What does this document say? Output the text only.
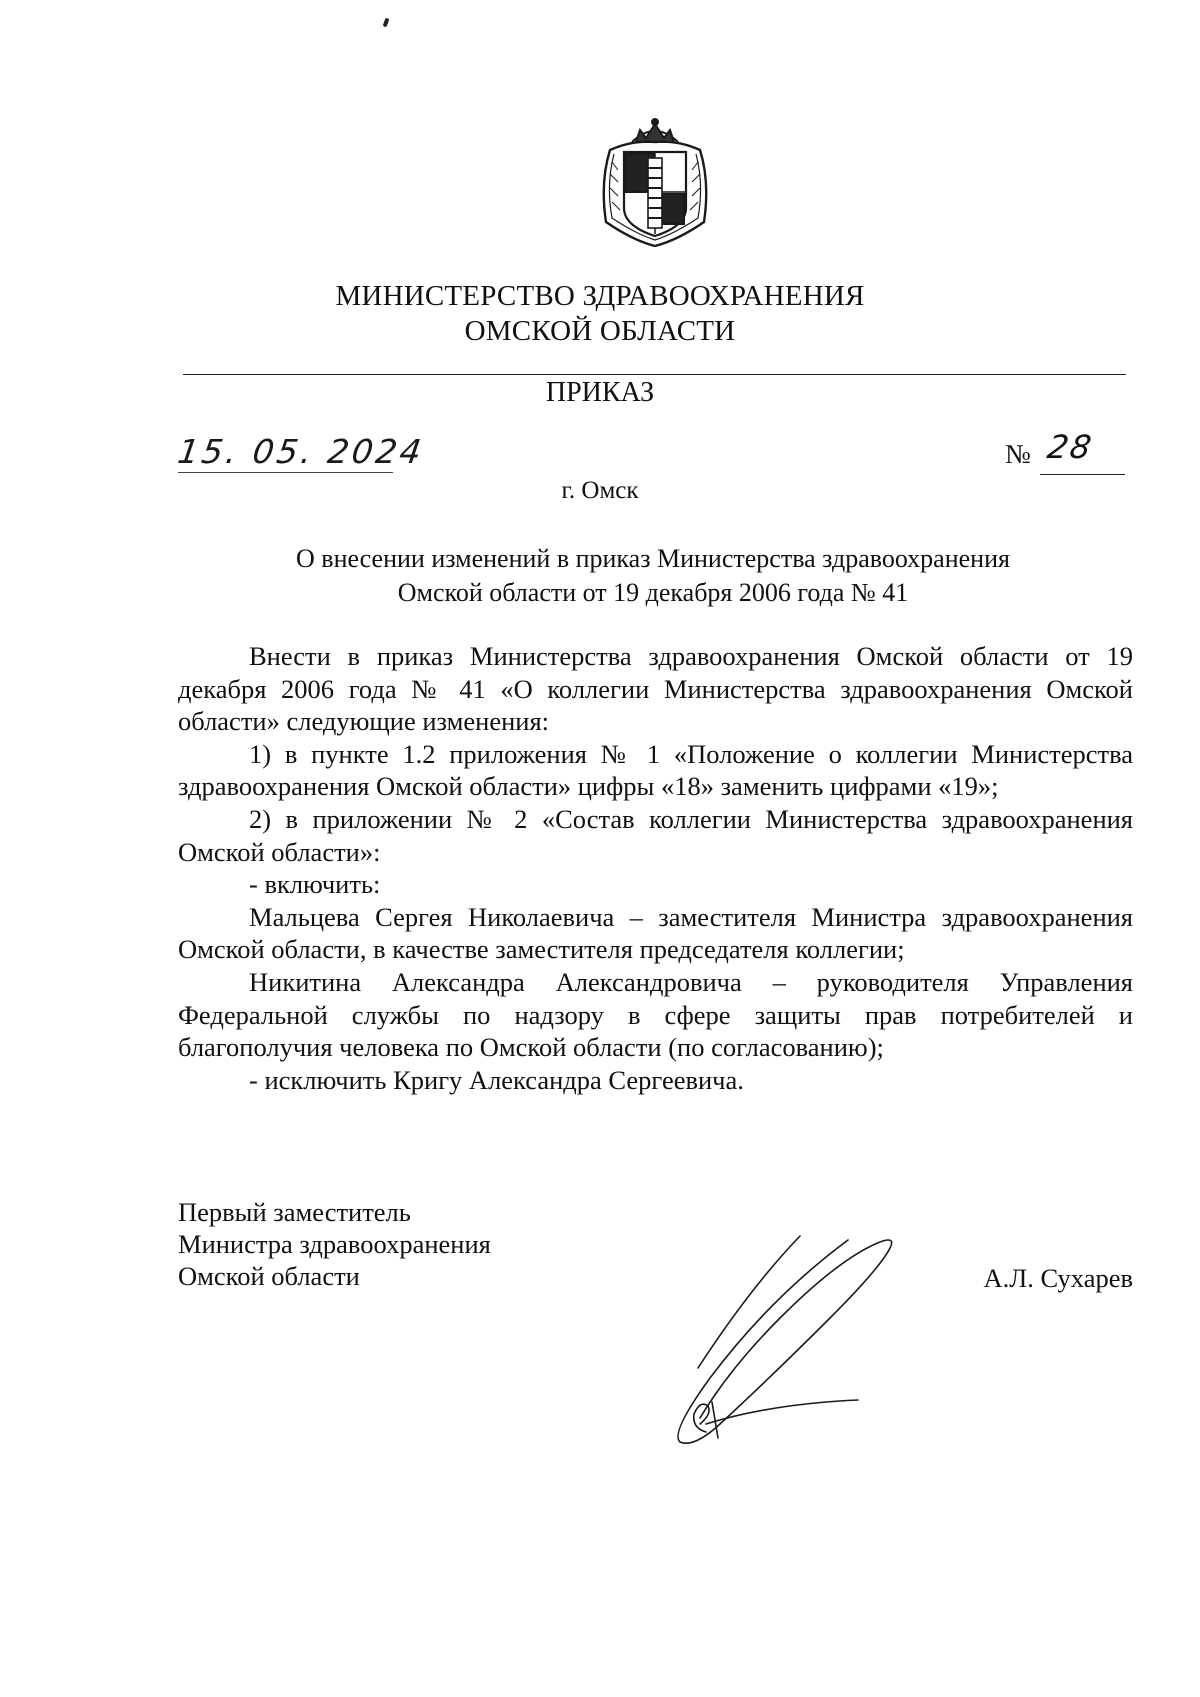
МИНИСТЕРСТВО ЗДРАВООХРАНЕНИЯ
ОМСКОЙ ОБЛАСТИ
ПРИКАЗ
15. 05. 2024	№ 28
г. Омск
О внесении изменений в приказ Министерства здравоохранения
Омской области от 19 декабря 2006 года № 41

Внести в приказ Министерства здравоохранения Омской области от 19 декабря 2006 года № 41 «О коллегии Министерства здравоохранения Омской области» следующие изменения:

1) в пункте 1.2 приложения № 1 «Положение о коллегии Министерства здравоохранения Омской области» цифры «18» заменить цифрами «19»;

2) в приложении № 2 «Состав коллегии Министерства здравоохранения Омской области»:

- включить:

Мальцева Сергея Николаевича – заместителя Министра здравоохранения Омской области, в качестве заместителя председателя коллегии;

Никитина Александра Александровича – руководителя Управления Федеральной службы по надзору в сфере защиты прав потребителей и благополучия человека по Омской области (по согласованию);

- исключить Кригу Александра Сергеевича.

Первый заместитель
Министра здравоохранения
Омской области	А.Л. Сухарев
